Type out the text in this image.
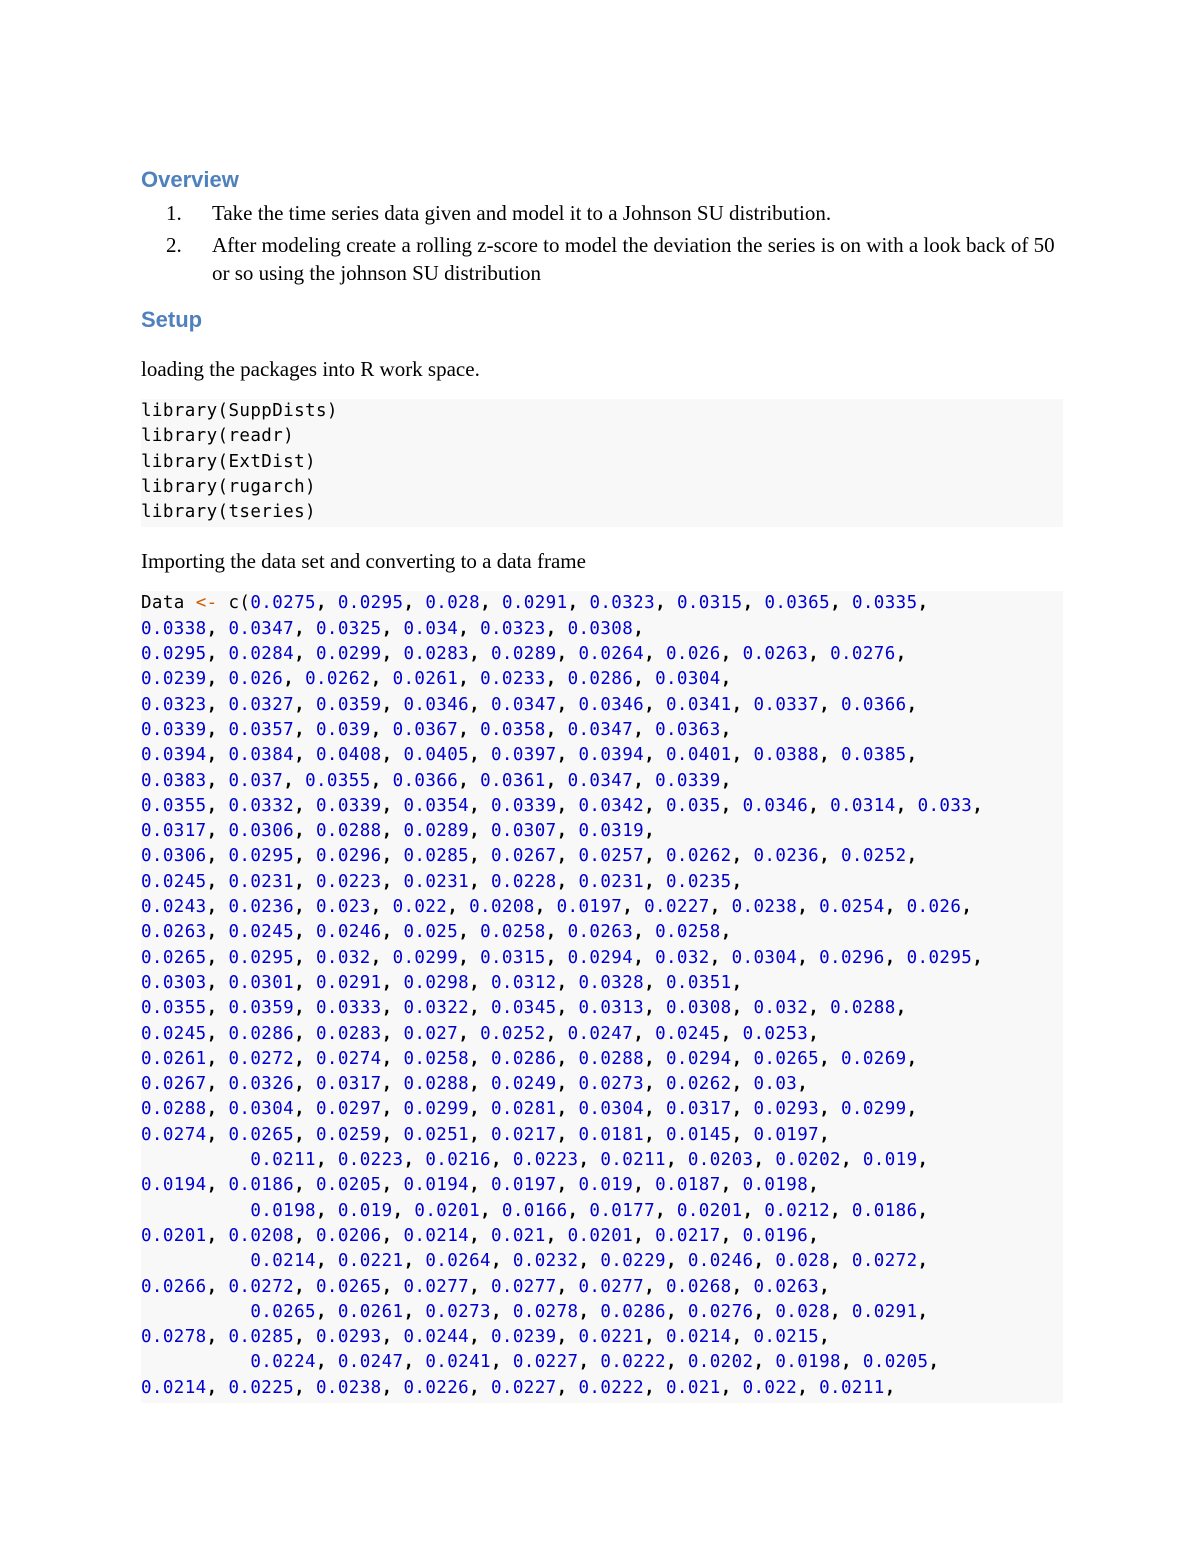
Overview
1. Take the time series data given and model it to a Johnson SU distribution.
2. After modeling create a rolling z-score to model the deviation the series is on with a look back of 50 or so using the johnson SU distribution
Setup

loading the packages into R work space.

library(SuppDists)
library(readr)
library(ExtDist)
library(rugarch)
library(tseries)

Importing the data set and converting to a data frame

Data <- c(0.0275, 0.0295, 0.028, 0.0291, 0.0323, 0.0315, 0.0365, 0.0335,
0.0338, 0.0347, 0.0325, 0.034, 0.0323, 0.0308,
0.0295, 0.0284, 0.0299, 0.0283, 0.0289, 0.0264, 0.026, 0.0263, 0.0276,
0.0239, 0.026, 0.0262, 0.0261, 0.0233, 0.0286, 0.0304,
0.0323, 0.0327, 0.0359, 0.0346, 0.0347, 0.0346, 0.0341, 0.0337, 0.0366,
0.0339, 0.0357, 0.039, 0.0367, 0.0358, 0.0347, 0.0363,
0.0394, 0.0384, 0.0408, 0.0405, 0.0397, 0.0394, 0.0401, 0.0388, 0.0385,
0.0383, 0.037, 0.0355, 0.0366, 0.0361, 0.0347, 0.0339,
0.0355, 0.0332, 0.0339, 0.0354, 0.0339, 0.0342, 0.035, 0.0346, 0.0314, 0.033,
0.0317, 0.0306, 0.0288, 0.0289, 0.0307, 0.0319,
0.0306, 0.0295, 0.0296, 0.0285, 0.0267, 0.0257, 0.0262, 0.0236, 0.0252,
0.0245, 0.0231, 0.0223, 0.0231, 0.0228, 0.0231, 0.0235,
0.0243, 0.0236, 0.023, 0.022, 0.0208, 0.0197, 0.0227, 0.0238, 0.0254, 0.026,
0.0263, 0.0245, 0.0246, 0.025, 0.0258, 0.0263, 0.0258,
0.0265, 0.0295, 0.032, 0.0299, 0.0315, 0.0294, 0.032, 0.0304, 0.0296, 0.0295,
0.0303, 0.0301, 0.0291, 0.0298, 0.0312, 0.0328, 0.0351,
0.0355, 0.0359, 0.0333, 0.0322, 0.0345, 0.0313, 0.0308, 0.032, 0.0288,
0.0245, 0.0286, 0.0283, 0.027, 0.0252, 0.0247, 0.0245, 0.0253,
0.0261, 0.0272, 0.0274, 0.0258, 0.0286, 0.0288, 0.0294, 0.0265, 0.0269,
0.0267, 0.0326, 0.0317, 0.0288, 0.0249, 0.0273, 0.0262, 0.03,
0.0288, 0.0304, 0.0297, 0.0299, 0.0281, 0.0304, 0.0317, 0.0293, 0.0299,
0.0274, 0.0265, 0.0259, 0.0251, 0.0217, 0.0181, 0.0145, 0.0197,
0.0211, 0.0223, 0.0216, 0.0223, 0.0211, 0.0203, 0.0202, 0.019,
0.0194, 0.0186, 0.0205, 0.0194, 0.0197, 0.019, 0.0187, 0.0198,
0.0198, 0.019, 0.0201, 0.0166, 0.0177, 0.0201, 0.0212, 0.0186,
0.0201, 0.0208, 0.0206, 0.0214, 0.021, 0.0201, 0.0217, 0.0196,
0.0214, 0.0221, 0.0264, 0.0232, 0.0229, 0.0246, 0.028, 0.0272,
0.0266, 0.0272, 0.0265, 0.0277, 0.0277, 0.0277, 0.0268, 0.0263,
0.0265, 0.0261, 0.0273, 0.0278, 0.0286, 0.0276, 0.028, 0.0291,
0.0278, 0.0285, 0.0293, 0.0244, 0.0239, 0.0221, 0.0214, 0.0215,
0.0224, 0.0247, 0.0241, 0.0227, 0.0222, 0.0202, 0.0198, 0.0205,
0.0214, 0.0225, 0.0238, 0.0226, 0.0227, 0.0222, 0.021, 0.022, 0.0211,
